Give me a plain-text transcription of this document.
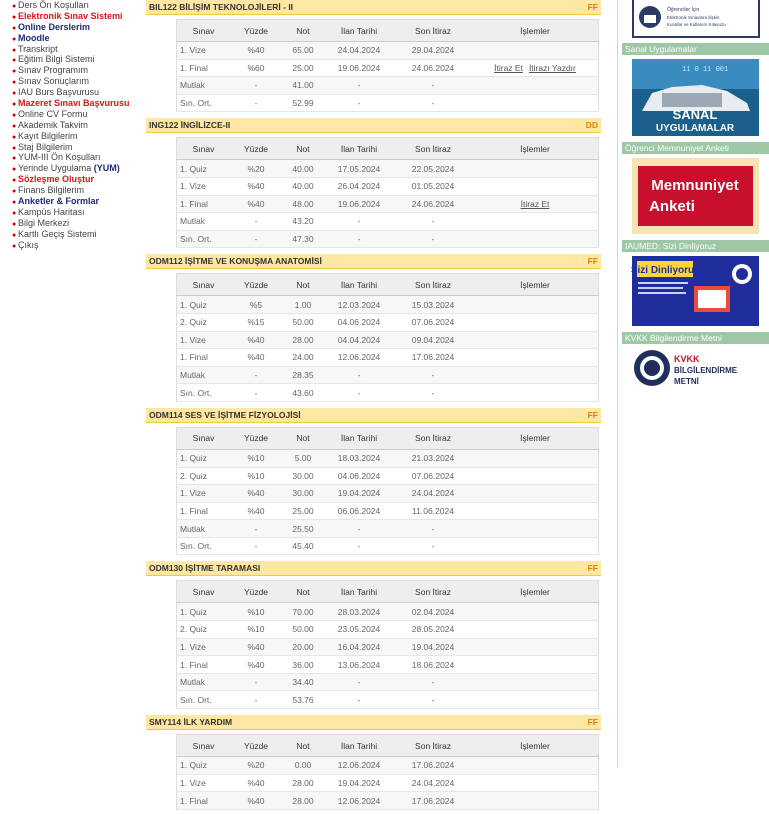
● Ders Ön Koşulları
● Elektronik Sınav Sistemi
● Online Derslerim
● Moodle
● Transkript
● Eğitim Bilgi Sistemi
● Sınav Programım
● Sınav Sonuçlarım
● IAU Burs Başvurusu
● Mazeret Sınavı Başvurusu
● Online CV Formu
● Akademik Takvim
● Kayıt Bilgilerim
● Staj Bilgilerim
● YUM-III Ön Koşulları
● Yerinde Uygulama (YUM)
● Sözleşme Oluştur
● Finans Bilgilerim
● Anketler & Formlar
● Kampüs Haritası
● Bilgi Merkezi
● Kartlı Geçiş Sistemi
● Çıkış
BIL122 BİLİŞİM TEKNOLOJİLERİ - II	FF
Sınav	Yüzde	Not	İlan Tarihi	Son İtiraz	İşlemler
1. Vize	%40	65.00	24.04.2024	29.04.2024	
1. Final	%60	25.00	19.06.2024	24.06.2024	İtiraz Et İtirazı Yazdır
Mutlak	-	41.00	-	-	
Sın. Ort.	-	52.99	-	-	
ING122 İNGİLİZCE-II	DD
Sınav	Yüzde	Not	İlan Tarihi	Son İtiraz	İşlemler
1. Quiz	%20	40.00	17.05.2024	22.05.2024	
1. Vize	%40	40.00	26.04.2024	01.05.2024	
1. Final	%40	48.00	19.06.2024	24.06.2024	İtiraz Et
Mutlak	-	43.20	-	-	
Sın. Ort.	-	47.30	-	-	
ODM112 İŞİTME VE KONUŞMA ANATOMİSİ	FF
Sınav	Yüzde	Not	İlan Tarihi	Son İtiraz	İşlemler
1. Quiz	%5	1.00	12.03.2024	15.03.2024	
2. Quiz	%15	50.00	04.06.2024	07.06.2024	
1. Vize	%40	28.00	04.04.2024	09.04.2024	
1. Final	%40	24.00	12.06.2024	17.06.2024	
Mutlak	-	28.35	-	-	
Sın. Ort.	-	43.60	-	-	
ODM114 SES VE İŞİTME FİZYOLOJİSİ	FF
Sınav	Yüzde	Not	İlan Tarihi	Son İtiraz	İşlemler
1. Quiz	%10	5.00	18.03.2024	21.03.2024	
2. Quiz	%10	30.00	04.06.2024	07.06.2024	
1. Vize	%40	30.00	19.04.2024	24.04.2024	
1. Final	%40	25.00	06.06.2024	11.06.2024	
Mutlak	-	25.50	-	-	
Sın. Ort.	-	45.40	-	-	
ODM130 İŞİTME TARAMASI	FF
Sınav	Yüzde	Not	İlan Tarihi	Son İtiraz	İşlemler
1. Quiz	%10	70.00	28.03.2024	02.04.2024	
2. Quiz	%10	50.00	23.05.2024	28.05.2024	
1. Vize	%40	20.00	16.04.2024	19.04.2024	
1. Final	%40	36.00	13.06.2024	18.06.2024	
Mutlak	-	34.40	-	-	
Sın. Ort.	-	53.76	-	-	
SMY114 İLK YARDIM	FF
Sınav	Yüzde	Not	İlan Tarihi	Son İtiraz	İşlemler
1. Quiz	%20	0.00	12.06.2024	17.06.2024	
1. Vize	%40	28.00	19.04.2024	24.04.2024	
1. Final	%40	28.00	12.06.2024	17.06.2024	
Öğrenciler İçin
Elektronik Sınavlara İlişkin
Kurallar ve Kullanım Kılavuzu
Sanal Uygulamalar
11 0 11 001
SANAL
UYGULAMALAR
Öğrenci Memnuniyet Anketi
Memnuniyet
Anketi
IAUMED: Sizi Dinliyoruz
Sizi Dinliyoruz
KVKK Bilgilendirme Metni
KVKK
BİLGİLENDİRME
METNİ
